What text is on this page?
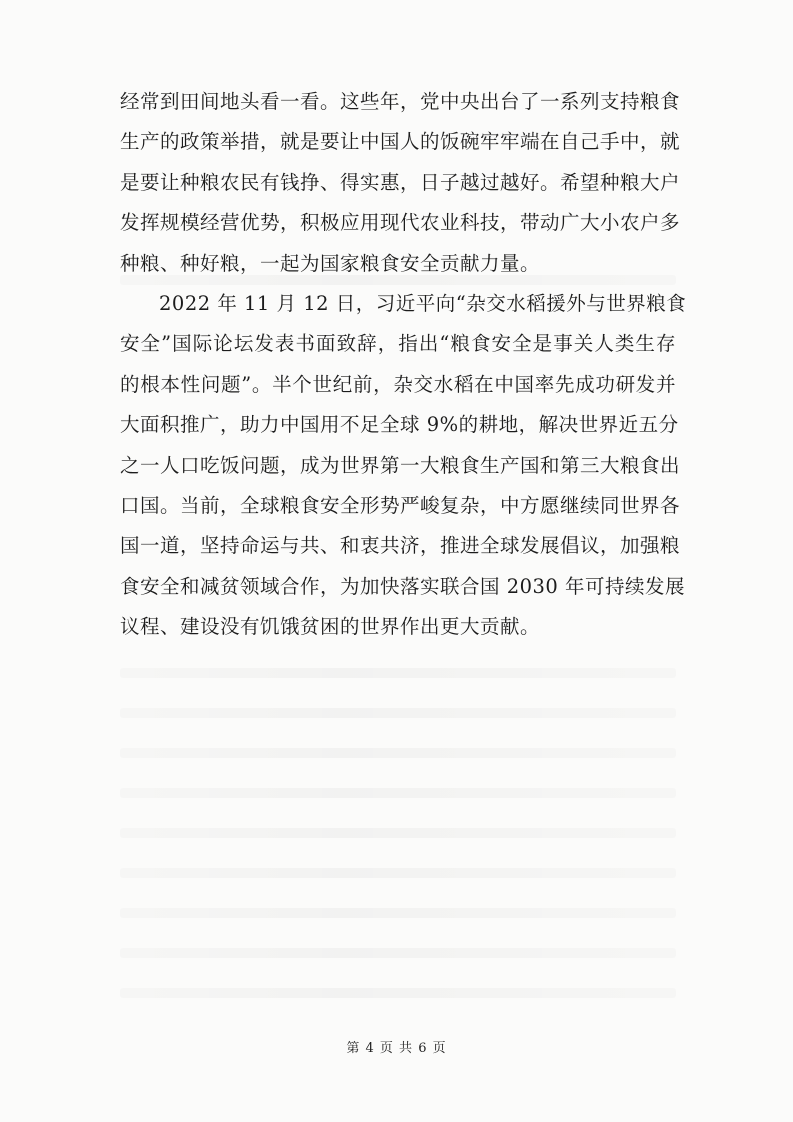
经常到田间地头看一看。这些年，党中央出台了一系列支持粮食
生产的政策举措，就是要让中国人的饭碗牢牢端在自己手中，就
是要让种粮农民有钱挣、得实惠，日子越过越好。希望种粮大户
发挥规模经营优势，积极应用现代农业科技，带动广大小农户多
种粮、种好粮，一起为国家粮食安全贡献力量。

2022 年 11 月 12 日，习近平向“杂交水稻援外与世界粮食
安全”国际论坛发表书面致辞，指出“粮食安全是事关人类生存
的根本性问题”。半个世纪前，杂交水稻在中国率先成功研发并
大面积推广，助力中国用不足全球 9%的耕地，解决世界近五分
之一人口吃饭问题，成为世界第一大粮食生产国和第三大粮食出
口国。当前，全球粮食安全形势严峻复杂，中方愿继续同世界各
国一道，坚持命运与共、和衷共济，推进全球发展倡议，加强粮
食安全和减贫领域合作，为加快落实联合国 2030 年可持续发展
议程、建设没有饥饿贫困的世界作出更大贡献。

第 4 页 共 6 页
